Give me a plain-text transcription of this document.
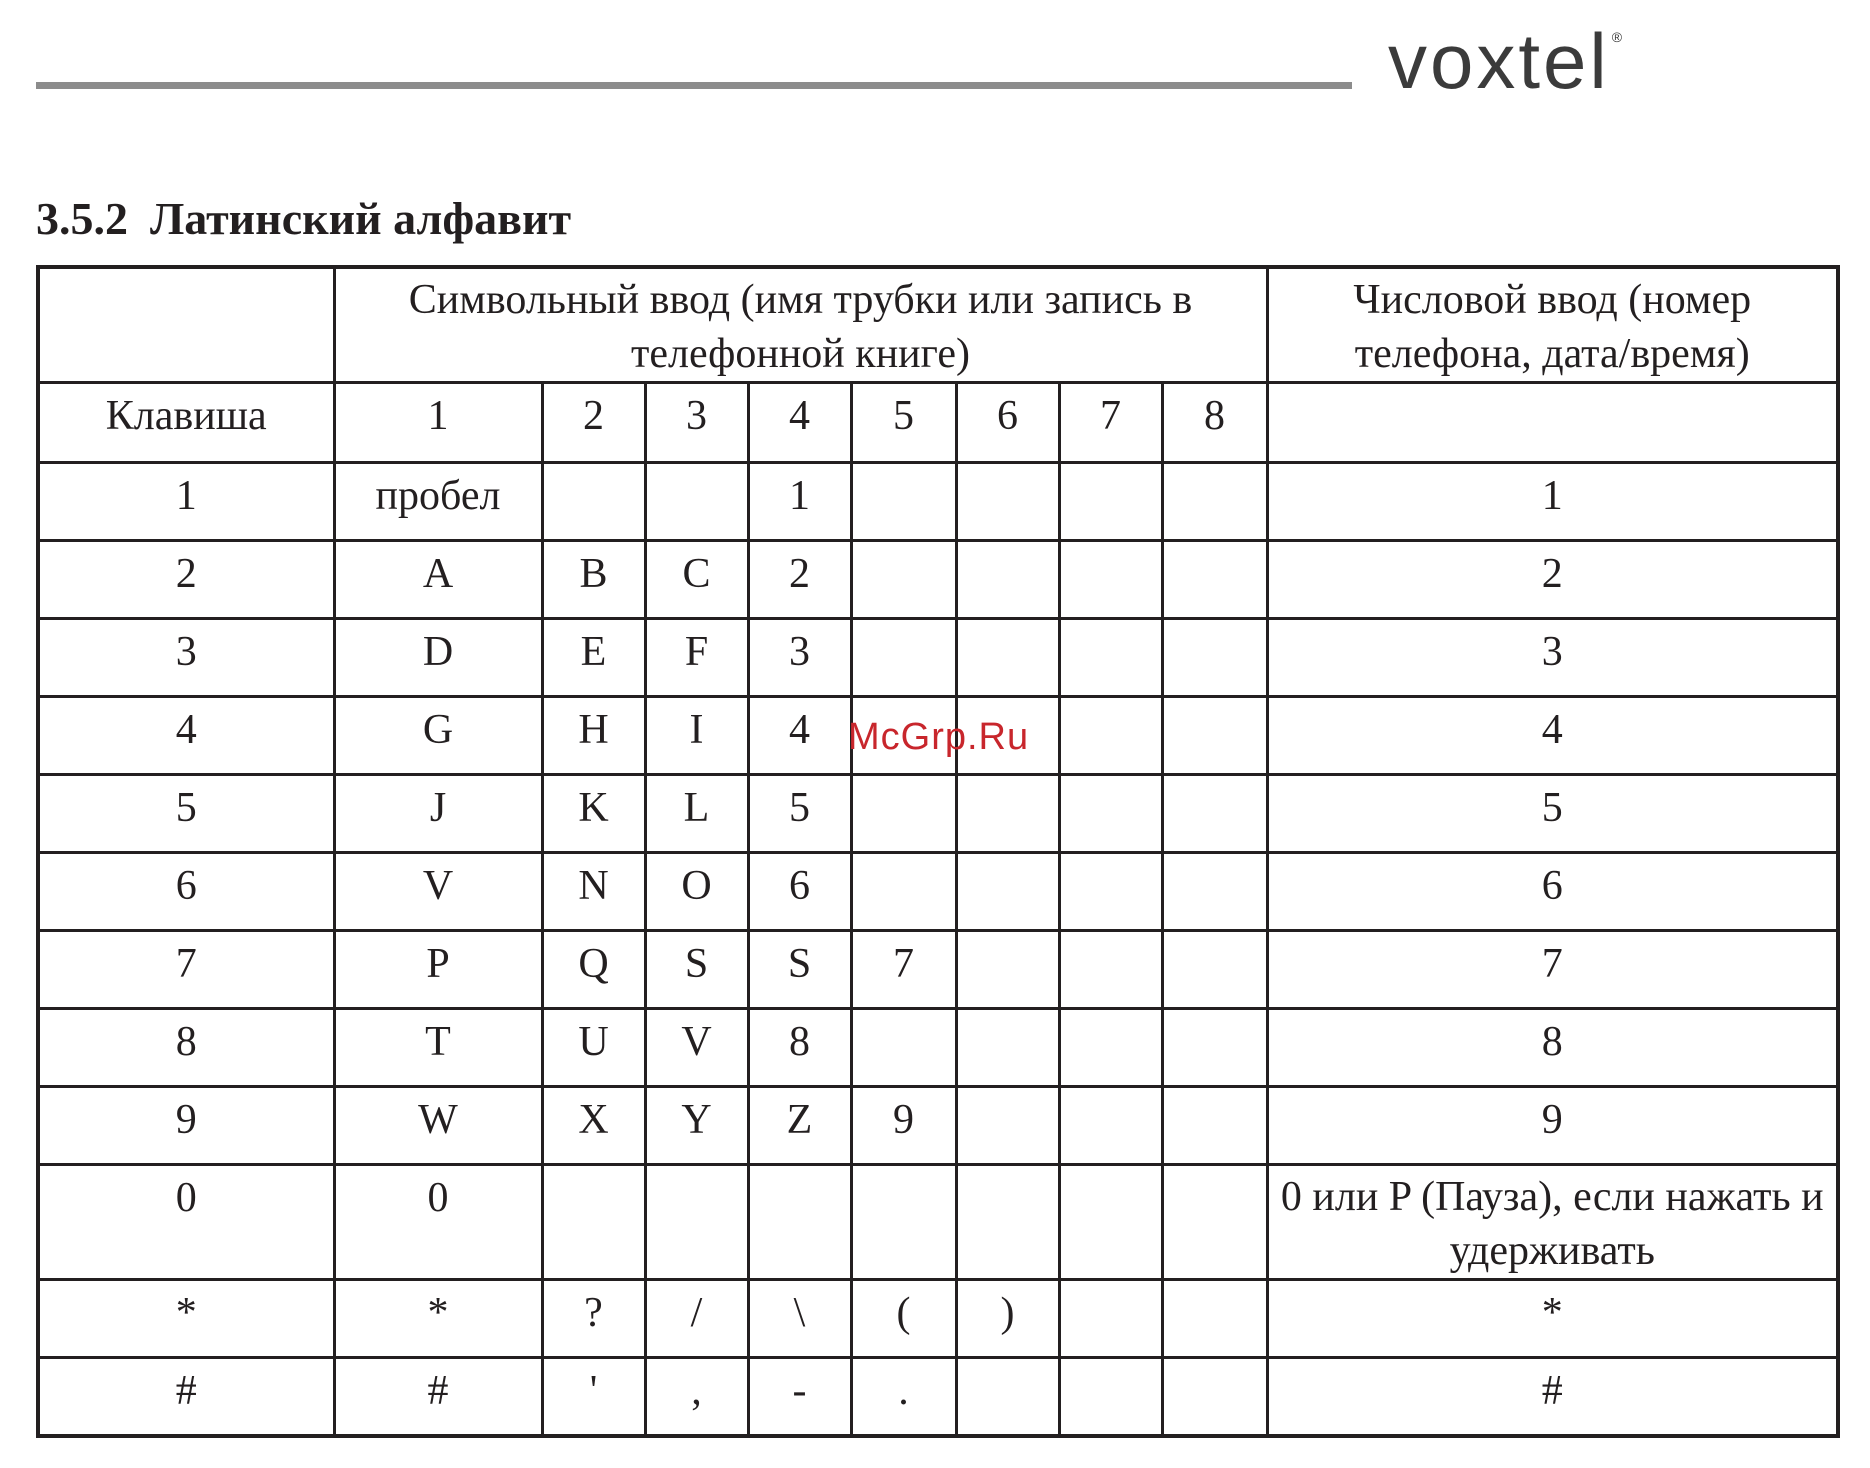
voxtel ®
3.5.2 Латинский алфавит
	Символьный ввод (имя трубки или запись в телефонной книге)								Числовой ввод (номер телефона, дата/время)
Клавиша	1	2	3	4	5	6	7	8	
1	пробел			1					1
2	A	B	C	2					2
3	D	E	F	3					3
4	G	H	I	4					4
5	J	K	L	5					5
6	V	N	O	6					6
7	P	Q	S	S	7				7
8	T	U	V	8					8
9	W	X	Y	Z	9				9
0	0								0 или P (Пауза), если нажать и удерживать
*	*	?	/	\	(	)			*
#	#	'	,	-	.				#
McGrp.Ru
